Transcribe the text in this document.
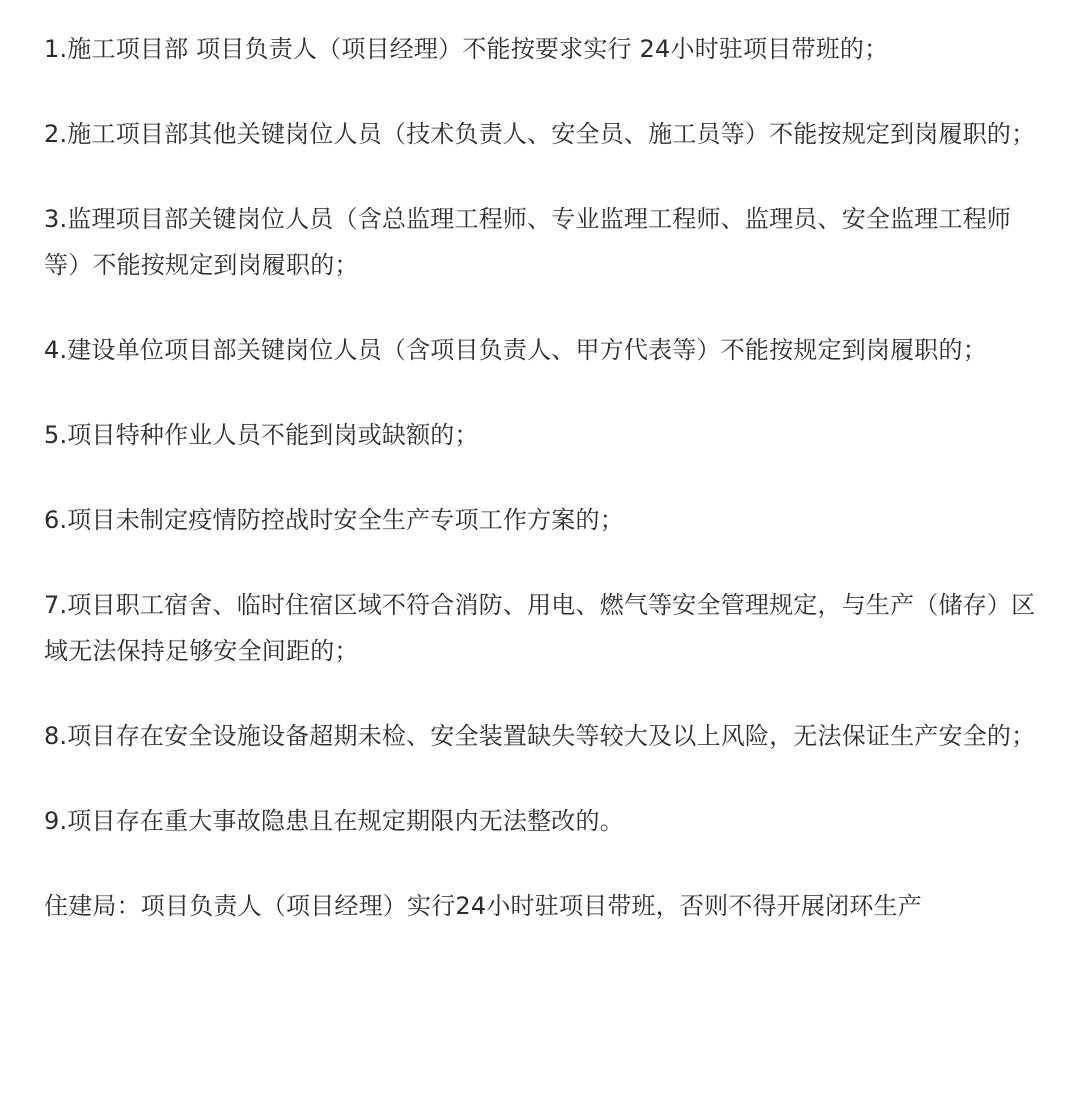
1.施工项目部 项目负责人（项目经理）不能按要求实行 24小时驻项目带班的；

2.施工项目部其他关键岗位人员（技术负责人、安全员、施工员等）不能按规定到岗履职的；

3.监理项目部关键岗位人员（含总监理工程师、专业监理工程师、监理员、安全监理工程师等）不能按规定到岗履职的；

4.建设单位项目部关键岗位人员（含项目负责人、甲方代表等）不能按规定到岗履职的；

5.项目特种作业人员不能到岗或缺额的；

6.项目未制定疫情防控战时安全生产专项工作方案的；

7.项目职工宿舍、临时住宿区域不符合消防、用电、燃气等安全管理规定，与生产（储存）区域无法保持足够安全间距的；

8.项目存在安全设施设备超期未检、安全装置缺失等较大及以上风险，无法保证生产安全的；

9.项目存在重大事故隐患且在规定期限内无法整改的。

住建局：项目负责人（项目经理）实行24小时驻项目带班，否则不得开展闭环生产
